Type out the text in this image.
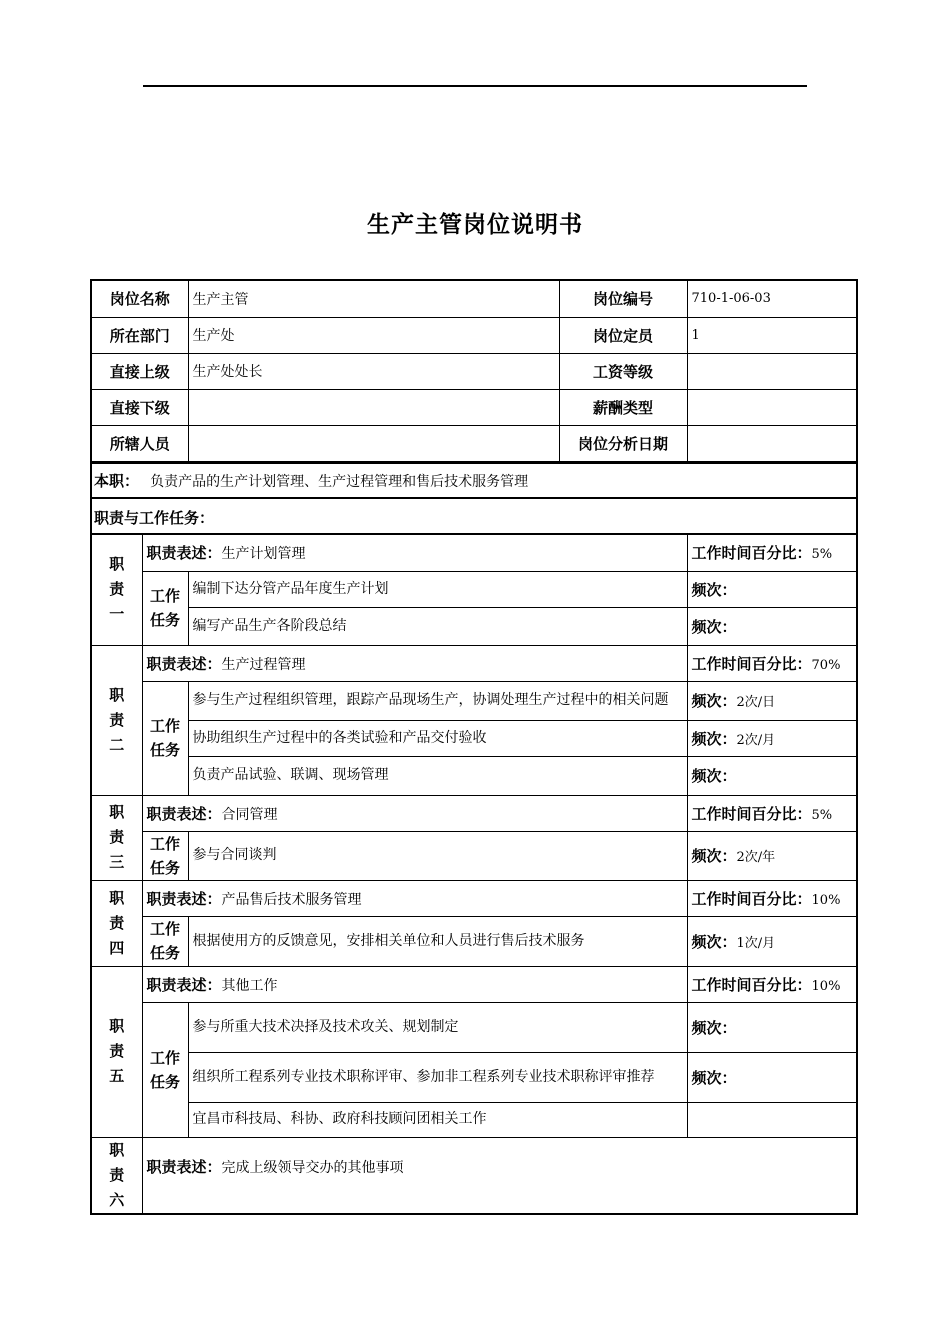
生产主管岗位说明书
岗位名称	生产主管	岗位编号	710-1-06-03
所在部门	生产处	岗位定员	1
直接上级	生产处处长	工资等级	
直接下级		薪酬类型	
所辖人员		岗位分析日期	
本职： 负责产品的生产计划管理、生产过程管理和售后技术服务管理
职责与工作任务：
职
责
一	职责表述：生产计划管理		工作时间百分比：5%

	工作
任务	编制下达分管产品年度生产计划	频次：
		编写产品生产各阶段总结	频次：

职
责
二	职责表述：生产过程管理		工作时间百分比：70%

	工作
任务	参与生产过程组织管理，跟踪产品现场生产，协调处理生产过程中的相关问题	频次：2次/日
		协助组织生产过程中的各类试验和产品交付验收	频次：2次/月
		负责产品试验、联调、现场管理	频次：

职
责
三	职责表述：合同管理		工作时间百分比：5%

	工作
任务	参与合同谈判	频次：2次/年

职
责
四	职责表述：产品售后技术服务管理		工作时间百分比：10%

	工作
任务	根据使用方的反馈意见，安排相关单位和人员进行售后技术服务	频次：1次/月

职
责
五	职责表述：其他工作		工作时间百分比：10%

	工作
任务	参与所重大技术决择及技术攻关、规划制定	频次：
		组织所工程系列专业技术职称评审、参加非工程系列专业技术职称评审推荐	频次：
		宜昌市科技局、科协、政府科技顾问团相关工作	

职
责
六	职责表述：完成上级领导交办的其他事项		
